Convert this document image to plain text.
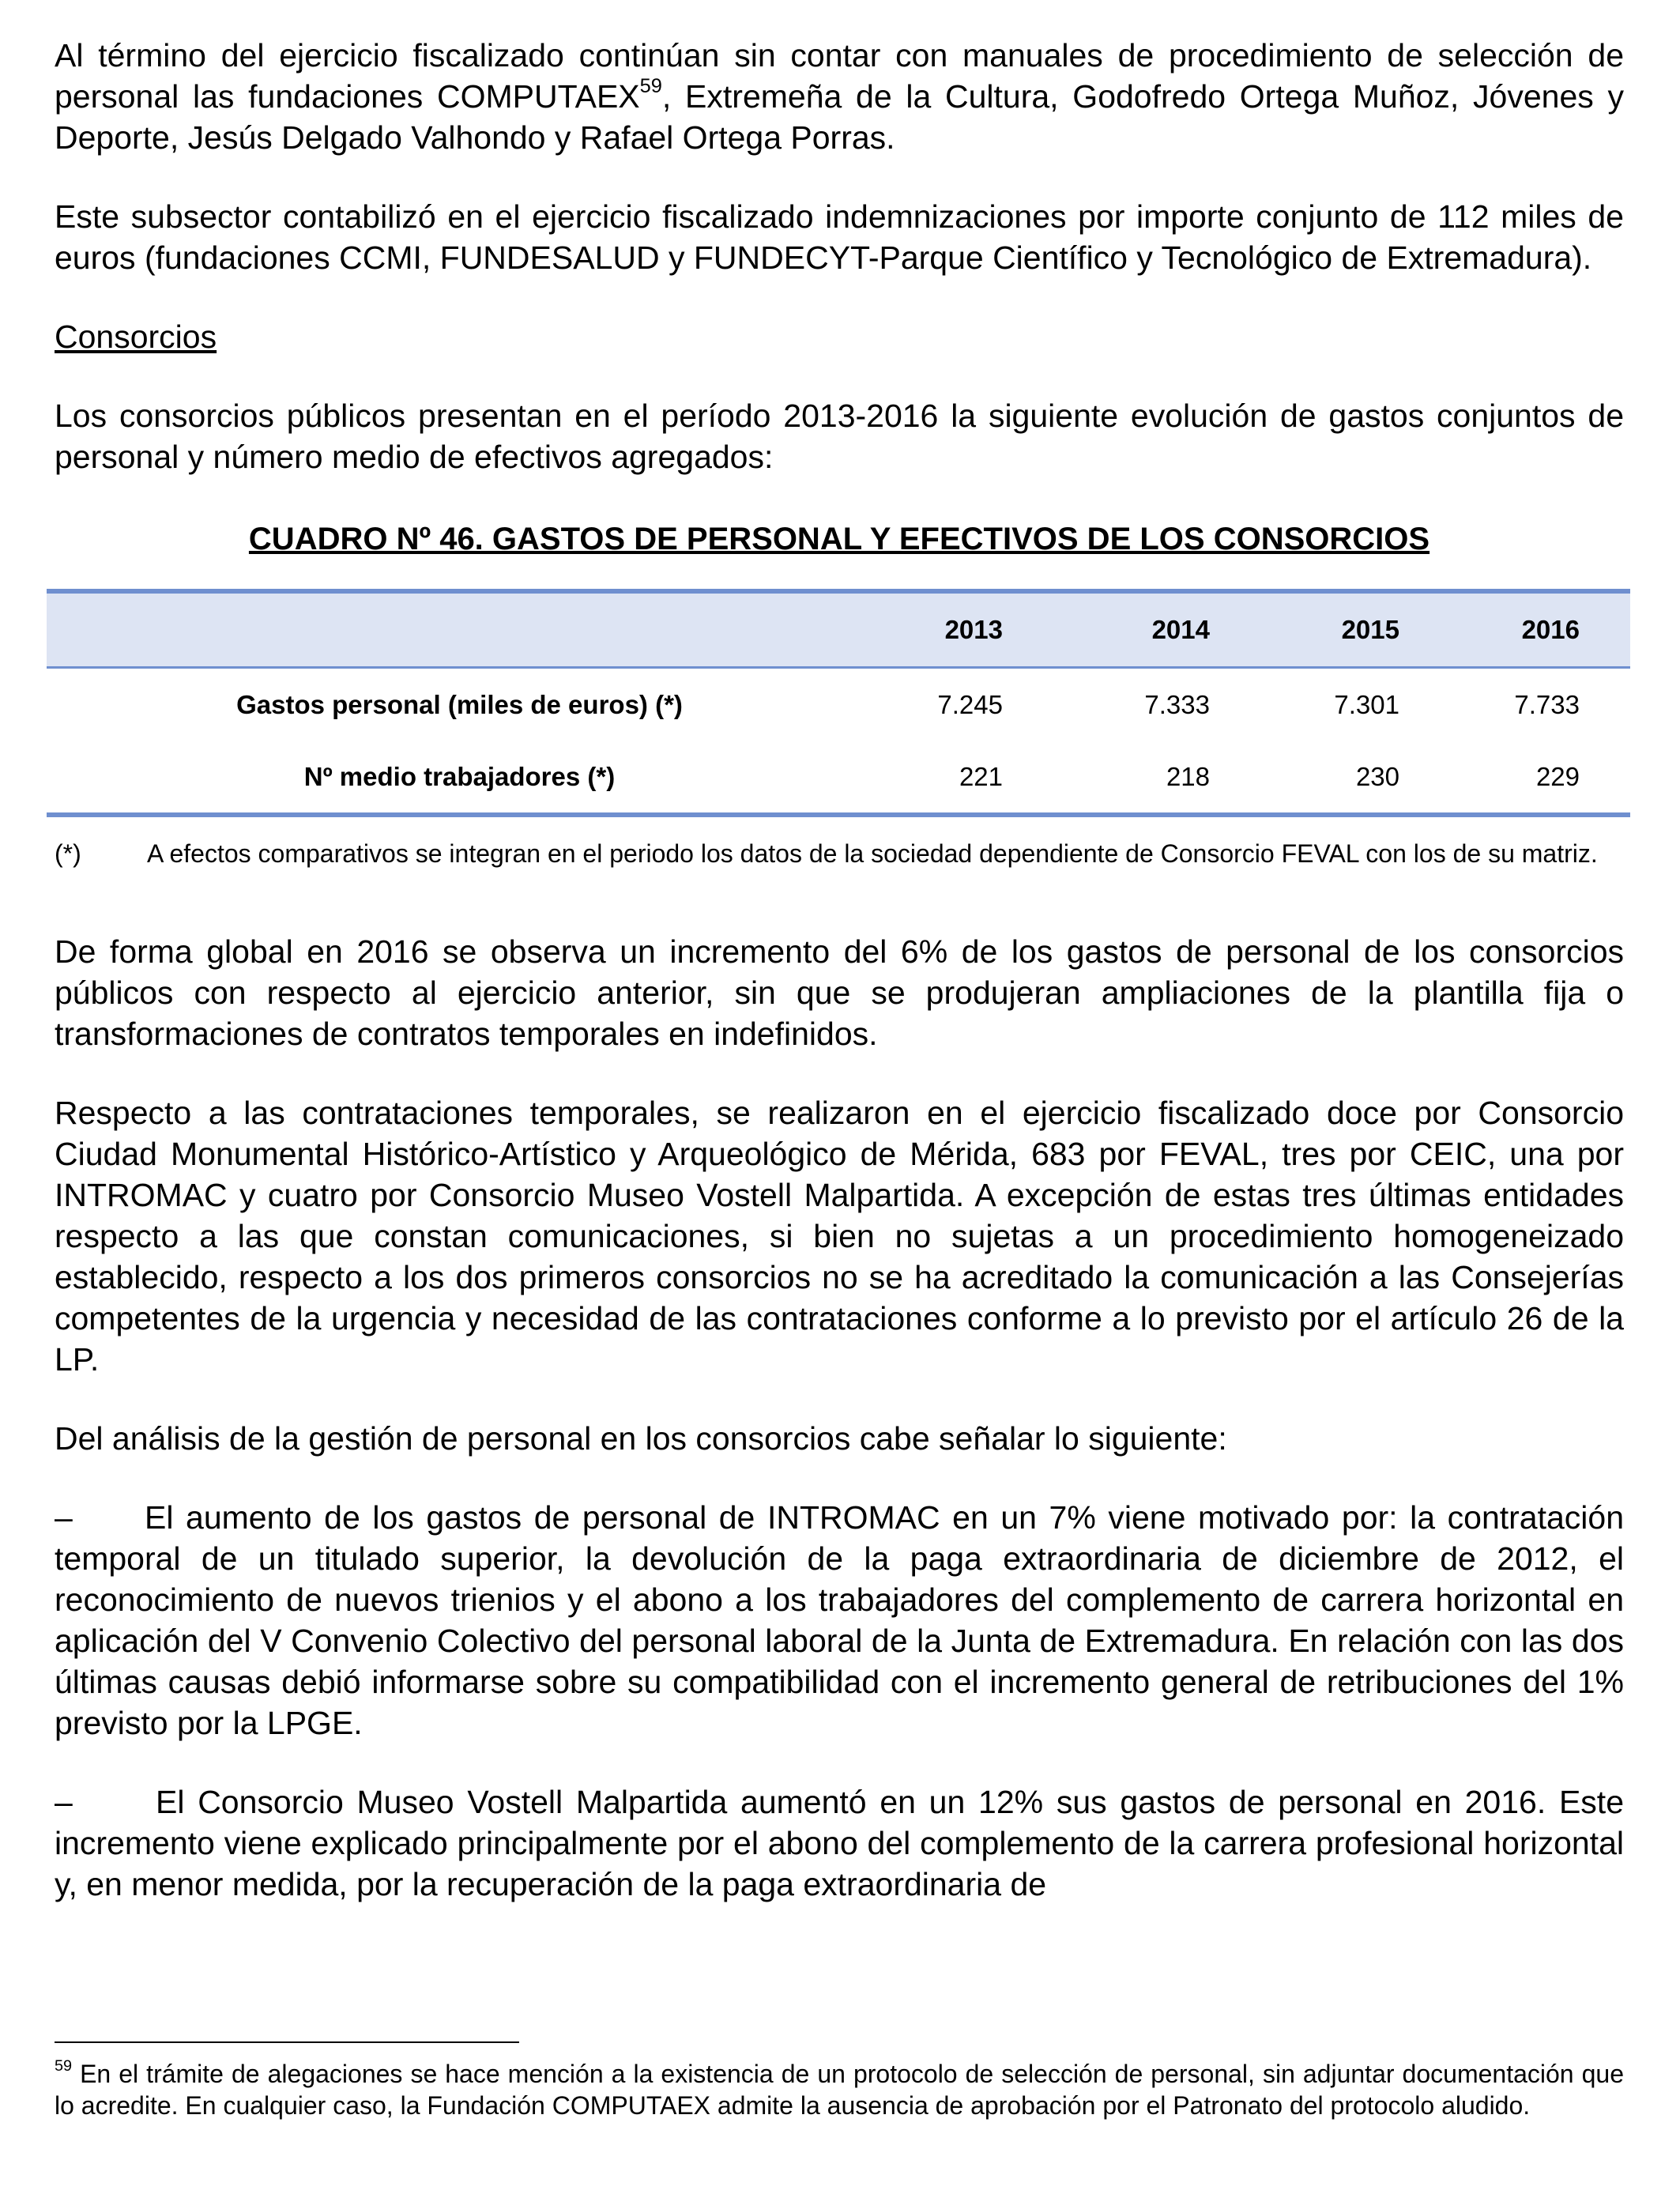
Al término del ejercicio fiscalizado continúan sin contar con manuales de procedimiento de selección de personal las fundaciones COMPUTAEX$^{59}$, Extremeña de la Cultura, Godofredo Ortega Muñoz, Jóvenes y Deporte, Jesús Delgado Valhondo y Rafael Ortega Porras.

Este subsector contabilizó en el ejercicio fiscalizado indemnizaciones por importe conjunto de 112 miles de euros (fundaciones CCMI, FUNDESALUD y FUNDECYT-Parque Científico y Tecnológico de Extremadura).

Consorcios

Los consorcios públicos presentan en el período 2013-2016 la siguiente evolución de gastos conjuntos de personal y número medio de efectivos agregados:

CUADRO Nº 46. GASTOS DE PERSONAL Y EFECTIVOS DE LOS CONSORCIOS

	2013	2014	2015	2016	
Gastos personal (miles de euros) (*)	7.245	7.333	7.301	7.733	
Nº medio trabajadores (*)	221	218	230	229	

(*)	A efectos comparativos se integran en el periodo los datos de la sociedad dependiente de Consorcio FEVAL con los de su matriz.

De forma global en 2016 se observa un incremento del 6% de los gastos de personal de los consorcios públicos con respecto al ejercicio anterior, sin que se produjeran ampliaciones de la plantilla fija o transformaciones de contratos temporales en indefinidos.

Respecto a las contrataciones temporales, se realizaron en el ejercicio fiscalizado doce por Consorcio Ciudad Monumental Histórico-Artístico y Arqueológico de Mérida, 683 por FEVAL, tres por CEIC, una por INTROMAC y cuatro por Consorcio Museo Vostell Malpartida. A excepción de estas tres últimas entidades respecto a las que constan comunicaciones, si bien no sujetas a un procedimiento homogeneizado establecido, respecto a los dos primeros consorcios no se ha acreditado la comunicación a las Consejerías competentes de la urgencia y necesidad de las contrataciones conforme a lo previsto por el artículo 26 de la LP.

Del análisis de la gestión de personal en los consorcios cabe señalar lo siguiente:

– El aumento de los gastos de personal de INTROMAC en un 7% viene motivado por: la contratación temporal de un titulado superior, la devolución de la paga extraordinaria de diciembre de 2012, el reconocimiento de nuevos trienios y el abono a los trabajadores del complemento de carrera horizontal en aplicación del V Convenio Colectivo del personal laboral de la Junta de Extremadura. En relación con las dos últimas causas debió informarse sobre su compatibilidad con el incremento general de retribuciones del 1% previsto por la LPGE.

–	El Consorcio Museo Vostell Malpartida aumentó en un 12% sus gastos de personal en 2016. Este incremento viene explicado principalmente por el abono del complemento de la carrera profesional horizontal y, en menor medida, por la recuperación de la paga extraordinaria de

$^{59}$ En el trámite de alegaciones se hace mención a la existencia de un protocolo de selección de personal, sin adjuntar documentación que lo acredite. En cualquier caso, la Fundación COMPUTAEX admite la ausencia de aprobación por el Patronato del protocolo aludido.
